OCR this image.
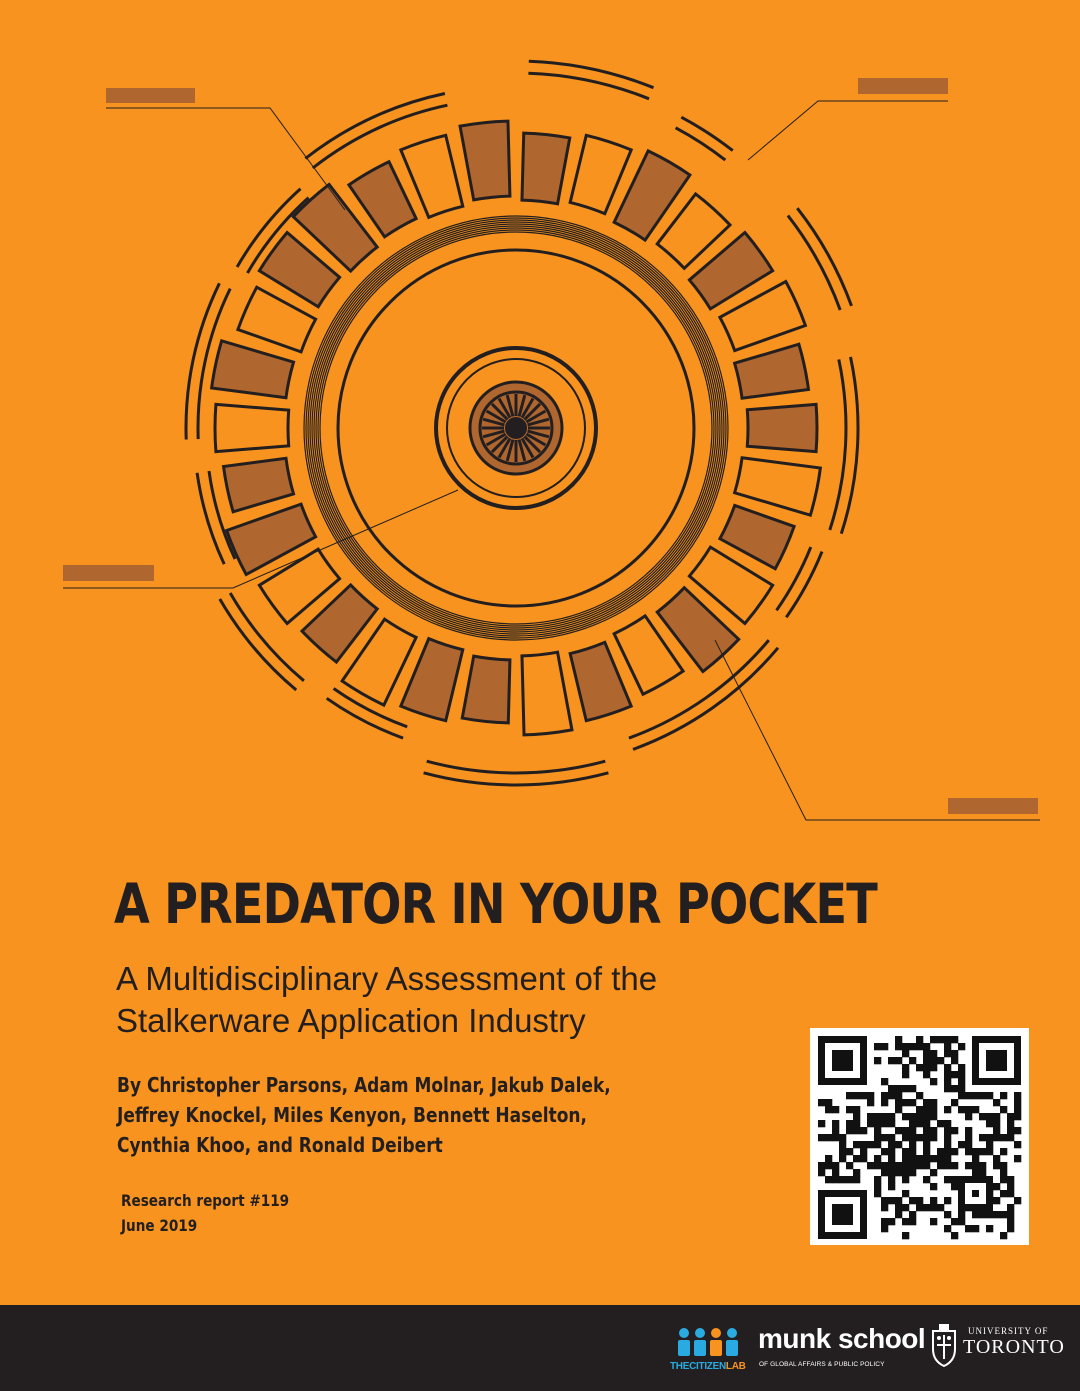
A PREDATOR IN YOUR POCKET

A Multidisciplinary Assessment of the
Stalkerware Application Industry

By Christopher Parsons, Adam Molnar, Jakub Dalek,
Jeffrey Knockel, Miles Kenyon, Bennett Haselton,
Cynthia Khoo, and Ronald Deibert

Research report #119
June 2019

THECITIZENLAB
munk school
OF GLOBAL AFFAIRS & PUBLIC POLICY
UNIVERSITY OF
TORONTO
